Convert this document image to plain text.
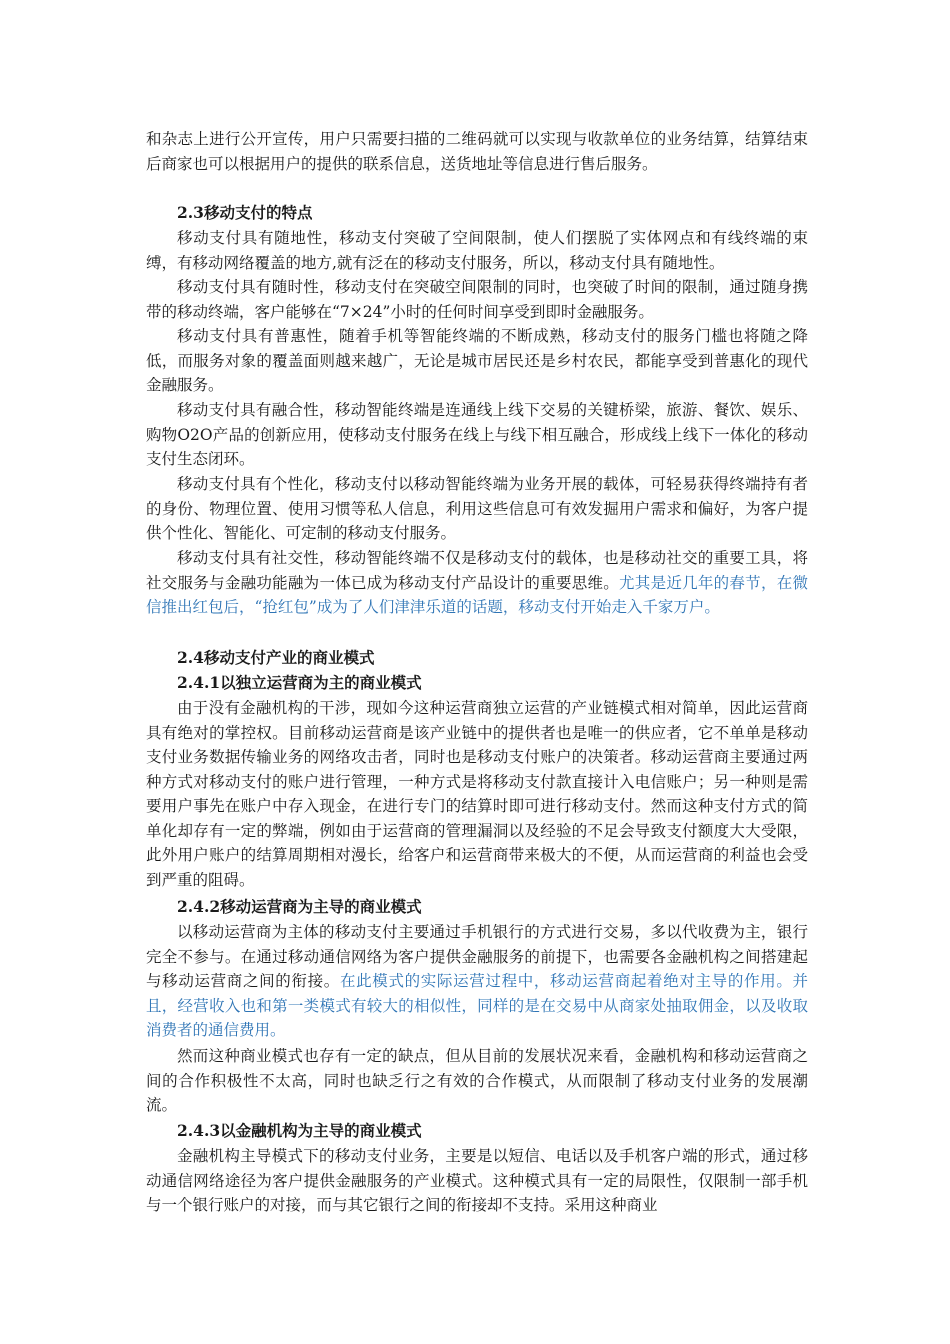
和杂志上进行公开宣传，用户只需要扫描的二维码就可以实现与收款单位的业务结算，结算结束后商家也可以根据用户的提供的联系信息，送货地址等信息进行售后服务。

2.3移动支付的特点

移动支付具有随地性，移动支付突破了空间限制，使人们摆脱了实体网点和有线终端的束缚，有移动网络覆盖的地方,就有泛在的移动支付服务，所以，移动支付具有随地性。

移动支付具有随时性，移动支付在突破空间限制的同时，也突破了时间的限制，通过随身携带的移动终端，客户能够在“7×24”小时的任何时间享受到即时金融服务。

移动支付具有普惠性，随着手机等智能终端的不断成熟，移动支付的服务门槛也将随之降低，而服务对象的覆盖面则越来越广，无论是城市居民还是乡村农民，都能享受到普惠化的现代金融服务。

移动支付具有融合性，移动智能终端是连通线上线下交易的关键桥梁，旅游、餐饮、娱乐、购物O2O产品的创新应用，使移动支付服务在线上与线下相互融合，形成线上线下一体化的移动支付生态闭环。

移动支付具有个性化，移动支付以移动智能终端为业务开展的载体，可轻易获得终端持有者的身份、物理位置、使用习惯等私人信息，利用这些信息可有效发掘用户需求和偏好，为客户提供个性化、智能化、可定制的移动支付服务。

移动支付具有社交性，移动智能终端不仅是移动支付的载体，也是移动社交的重要工具，将社交服务与金融功能融为一体已成为移动支付产品设计的重要思维。尤其是近几年的春节，在微信推出红包后，“抢红包”成为了人们津津乐道的话题，移动支付开始走入千家万户。

2.4移动支付产业的商业模式
2.4.1以独立运营商为主的商业模式

由于没有金融机构的干涉，现如今这种运营商独立运营的产业链模式相对简单，因此运营商具有绝对的掌控权。目前移动运营商是该产业链中的提供者也是唯一的供应者，它不单单是移动支付业务数据传输业务的网络攻击者，同时也是移动支付账户的决策者。移动运营商主要通过两种方式对移动支付的账户进行管理，一种方式是将移动支付款直接计入电信账户；另一种则是需要用户事先在账户中存入现金，在进行专门的结算时即可进行移动支付。然而这种支付方式的简单化却存有一定的弊端，例如由于运营商的管理漏洞以及经验的不足会导致支付额度大大受限，此外用户账户的结算周期相对漫长，给客户和运营商带来极大的不便，从而运营商的利益也会受到严重的阻碍。

2.4.2移动运营商为主导的商业模式

以移动运营商为主体的移动支付主要通过手机银行的方式进行交易，多以代收费为主，银行完全不参与。在通过移动通信网络为客户提供金融服务的前提下，也需要各金融机构之间搭建起与移动运营商之间的衔接。在此模式的实际运营过程中，移动运营商起着绝对主导的作用。并且，经营收入也和第一类模式有较大的相似性，同样的是在交易中从商家处抽取佣金，以及收取消费者的通信费用。

然而这种商业模式也存有一定的缺点，但从目前的发展状况来看，金融机构和移动运营商之间的合作积极性不太高，同时也缺乏行之有效的合作模式，从而限制了移动支付业务的发展潮流。

2.4.3以金融机构为主导的商业模式

金融机构主导模式下的移动支付业务，主要是以短信、电话以及手机客户端的形式，通过移动通信网络途径为客户提供金融服务的产业模式。这种模式具有一定的局限性，仅限制一部手机与一个银行账户的对接，而与其它银行之间的衔接却不支持。采用这种商业
